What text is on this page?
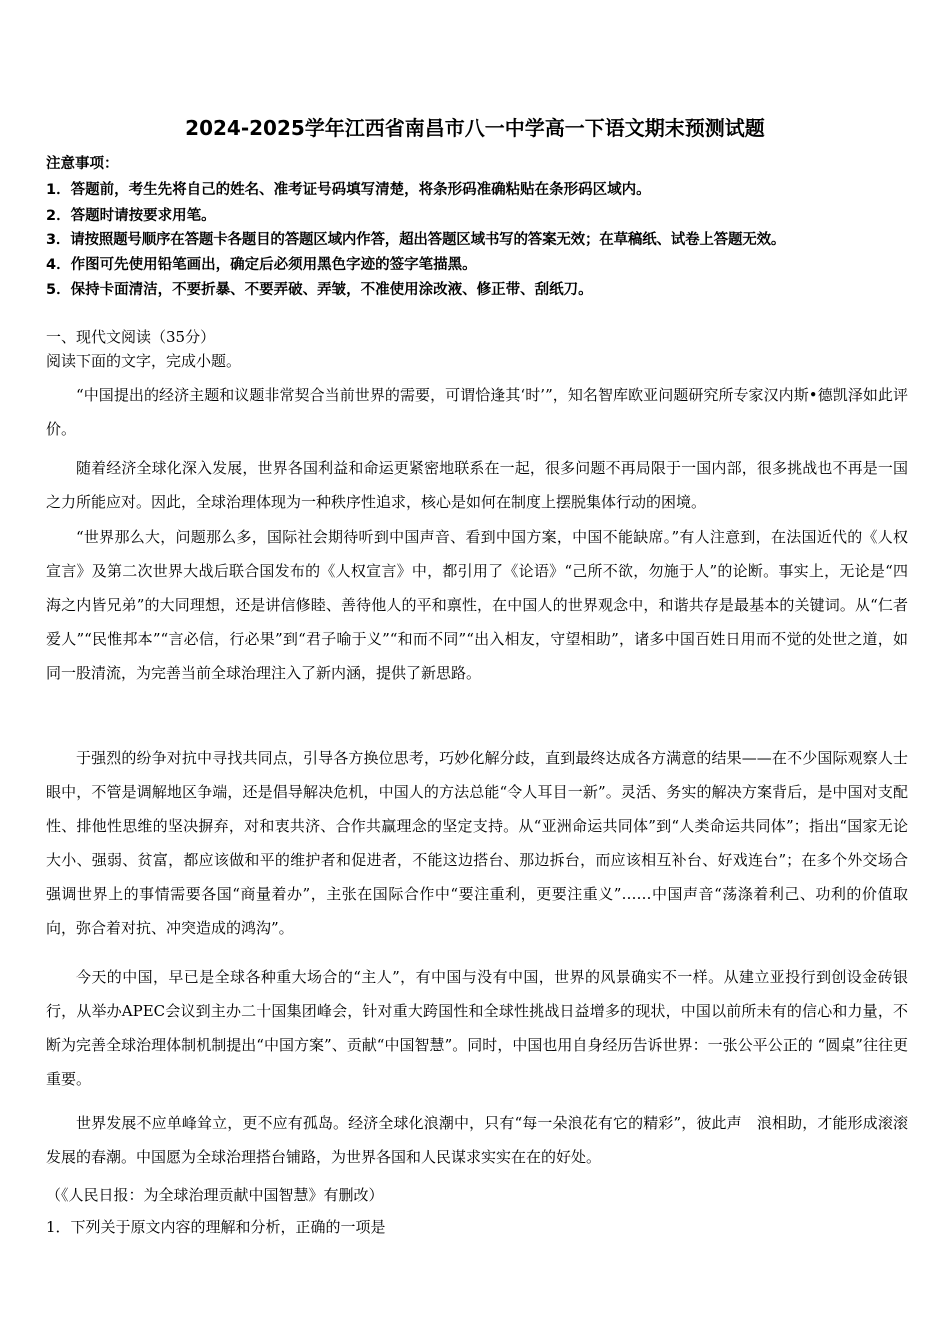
2024-2025学年江西省南昌市八一中学高一下语文期末预测试题
注意事项：
1．答题前，考生先将自己的姓名、准考证号码填写清楚，将条形码准确粘贴在条形码区域内。
2．答题时请按要求用笔。
3．请按照题号顺序在答题卡各题目的答题区域内作答，超出答题区域书写的答案无效；在草稿纸、试卷上答题无效。
4．作图可先使用铅笔画出，确定后必须用黑色字迹的签字笔描黑。
5．保持卡面清洁，不要折暴、不要弄破、弄皱，不准使用涂改液、修正带、刮纸刀。
一、现代文阅读（35分）
阅读下面的文字，完成小题。
“中国提出的经济主题和议题非常契合当前世界的需要，可谓恰逢其‘时’”，知名智库欧亚问题研究所专家汉内斯•德凯泽如此评价。
随着经济全球化深入发展，世界各国利益和命运更紧密地联系在一起，很多问题不再局限于一国内部，很多挑战也不再是一国之力所能应对。因此，全球治理体现为一种秩序性追求，核心是如何在制度上摆脱集体行动的困境。
“世界那么大，问题那么多，国际社会期待听到中国声音、看到中国方案，中国不能缺席。”有人注意到，在法国近代的《人权宣言》及第二次世界大战后联合国发布的《人权宣言》中，都引用了《论语》“己所不欲，勿施于人”的论断。事实上，无论是“四海之内皆兄弟”的大同理想，还是讲信修睦、善待他人的平和禀性，在中国人的世界观念中，和谐共存是最基本的关键词。从“仁者爱人”“民惟邦本”“言必信，行必果”到“君子喻于义”“和而不同”“出入相友，守望相助”，诸多中国百姓日用而不觉的处世之道，如同一股清流，为完善当前全球治理注入了新内涵，提供了新思路。
于强烈的纷争对抗中寻找共同点，引导各方换位思考，巧妙化解分歧，直到最终达成各方满意的结果——在不少国际观察人士眼中，不管是调解地区争端，还是倡导解决危机，中国人的方法总能“令人耳目一新”。灵活、务实的解决方案背后，是中国对支配性、排他性思维的坚决摒弃，对和衷共济、合作共赢理念的坚定支持。从“亚洲命运共同体”到“人类命运共同体”；指出“国家无论大小、强弱、贫富，都应该做和平的维护者和促进者，不能这边搭台、那边拆台，而应该相互补台、好戏连台”；在多个外交场合强调世界上的事情需要各国“商量着办”，主张在国际合作中“要注重利，更要注重义”……中国声音“荡涤着利己、功利的价值取向，弥合着对抗、冲突造成的鸿沟”。
今天的中国，早已是全球各种重大场合的“主人”，有中国与没有中国，世界的风景确实不一样。从建立亚投行到创设金砖银行，从举办APEC会议到主办二十国集团峰会，针对重大跨国性和全球性挑战日益增多的现状，中国以前所未有的信心和力量，不断为完善全球治理体制机制提出“中国方案”、贡献“中国智慧”。同时，中国也用自身经历告诉世界：一张公平公正的 “圆桌”往往更重要。
世界发展不应单峰耸立，更不应有孤岛。经济全球化浪潮中，只有“每一朵浪花有它的精彩”，彼此声　浪相助，才能形成滚滚发展的春潮。中国愿为全球治理搭台铺路，为世界各国和人民谋求实实在在的好处。
（《人民日报：为全球治理贡献中国智慧》有删改）
1．下列关于原文内容的理解和分析，正确的一项是
